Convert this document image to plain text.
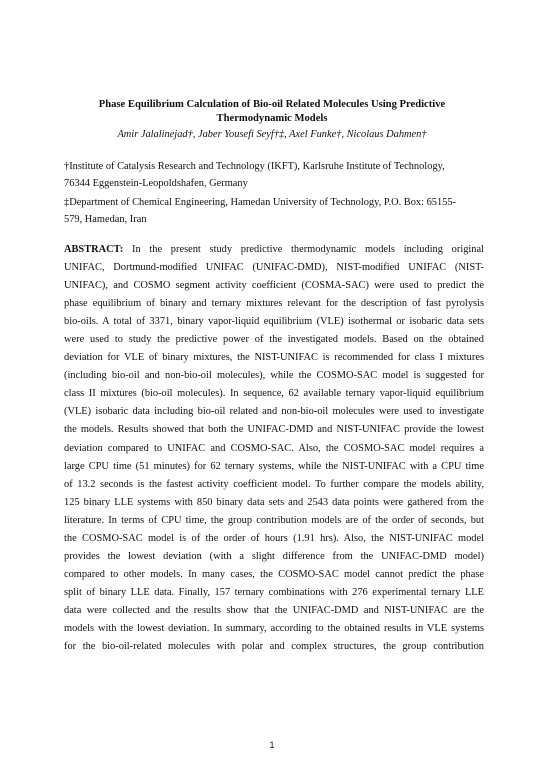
Phase Equilibrium Calculation of Bio-oil Related Molecules Using Predictive
Thermodynamic Models
Amir Jalalinejad†, Jaber Yousefi Seyf†‡, Axel Funke†, Nicolaus Dahmen†
†Institute of Catalysis Research and Technology (IKFT), Karlsruhe Institute of Technology,
76344 Eggenstein-Leopoldshafen, Germany
‡Department of Chemical Engineering, Hamedan University of Technology, P.O. Box: 65155-
579, Hamedan, Iran
ABSTRACT: In the present study predictive thermodynamic models including original
UNIFAC, Dortmund-modified UNIFAC (UNIFAC-DMD), NIST-modified UNIFAC (NIST-
UNIFAC), and COSMO segment activity coefficient (COSMA-SAC) were used to predict the
phase equilibrium of binary and ternary mixtures relevant for the description of fast pyrolysis
bio-oils. A total of 3371, binary vapor-liquid equilibrium (VLE) isothermal or isobaric data sets
were used to study the predictive power of the investigated models. Based on the obtained
deviation for VLE of binary mixtures, the NIST-UNIFAC is recommended for class I mixtures
(including bio-oil and non-bio-oil molecules), while the COSMO-SAC model is suggested for
class II mixtures (bio-oil molecules). In sequence, 62 available ternary vapor-liquid equilibrium
(VLE) isobaric data including bio-oil related and non-bio-oil molecules were used to investigate
the models. Results showed that both the UNIFAC-DMD and NIST-UNIFAC provide the lowest
deviation compared to UNIFAC and COSMO-SAC. Also, the COSMO-SAC model requires a
large CPU time (51 minutes) for 62 ternary systems, while the NIST-UNIFAC with a CPU time
of 13.2 seconds is the fastest activity coefficient model. To further compare the models ability,
125 binary LLE systems with 850 binary data sets and 2543 data points were gathered from the
literature. In terms of CPU time, the group contribution models are of the order of seconds, but
the COSMO-SAC model is of the order of hours (1.91 hrs). Also, the NIST-UNIFAC model
provides the lowest deviation (with a slight difference from the UNIFAC-DMD model)
compared to other models. In many cases, the COSMO-SAC model cannot predict the phase
split of binary LLE data. Finally, 157 ternary combinations with 276 experimental ternary LLE
data were collected and the results show that the UNIFAC-DMD and NIST-UNIFAC are the
models with the lowest deviation. In summary, according to the obtained results in VLE systems
for the bio-oil-related molecules with polar and complex structures, the group contribution
1
